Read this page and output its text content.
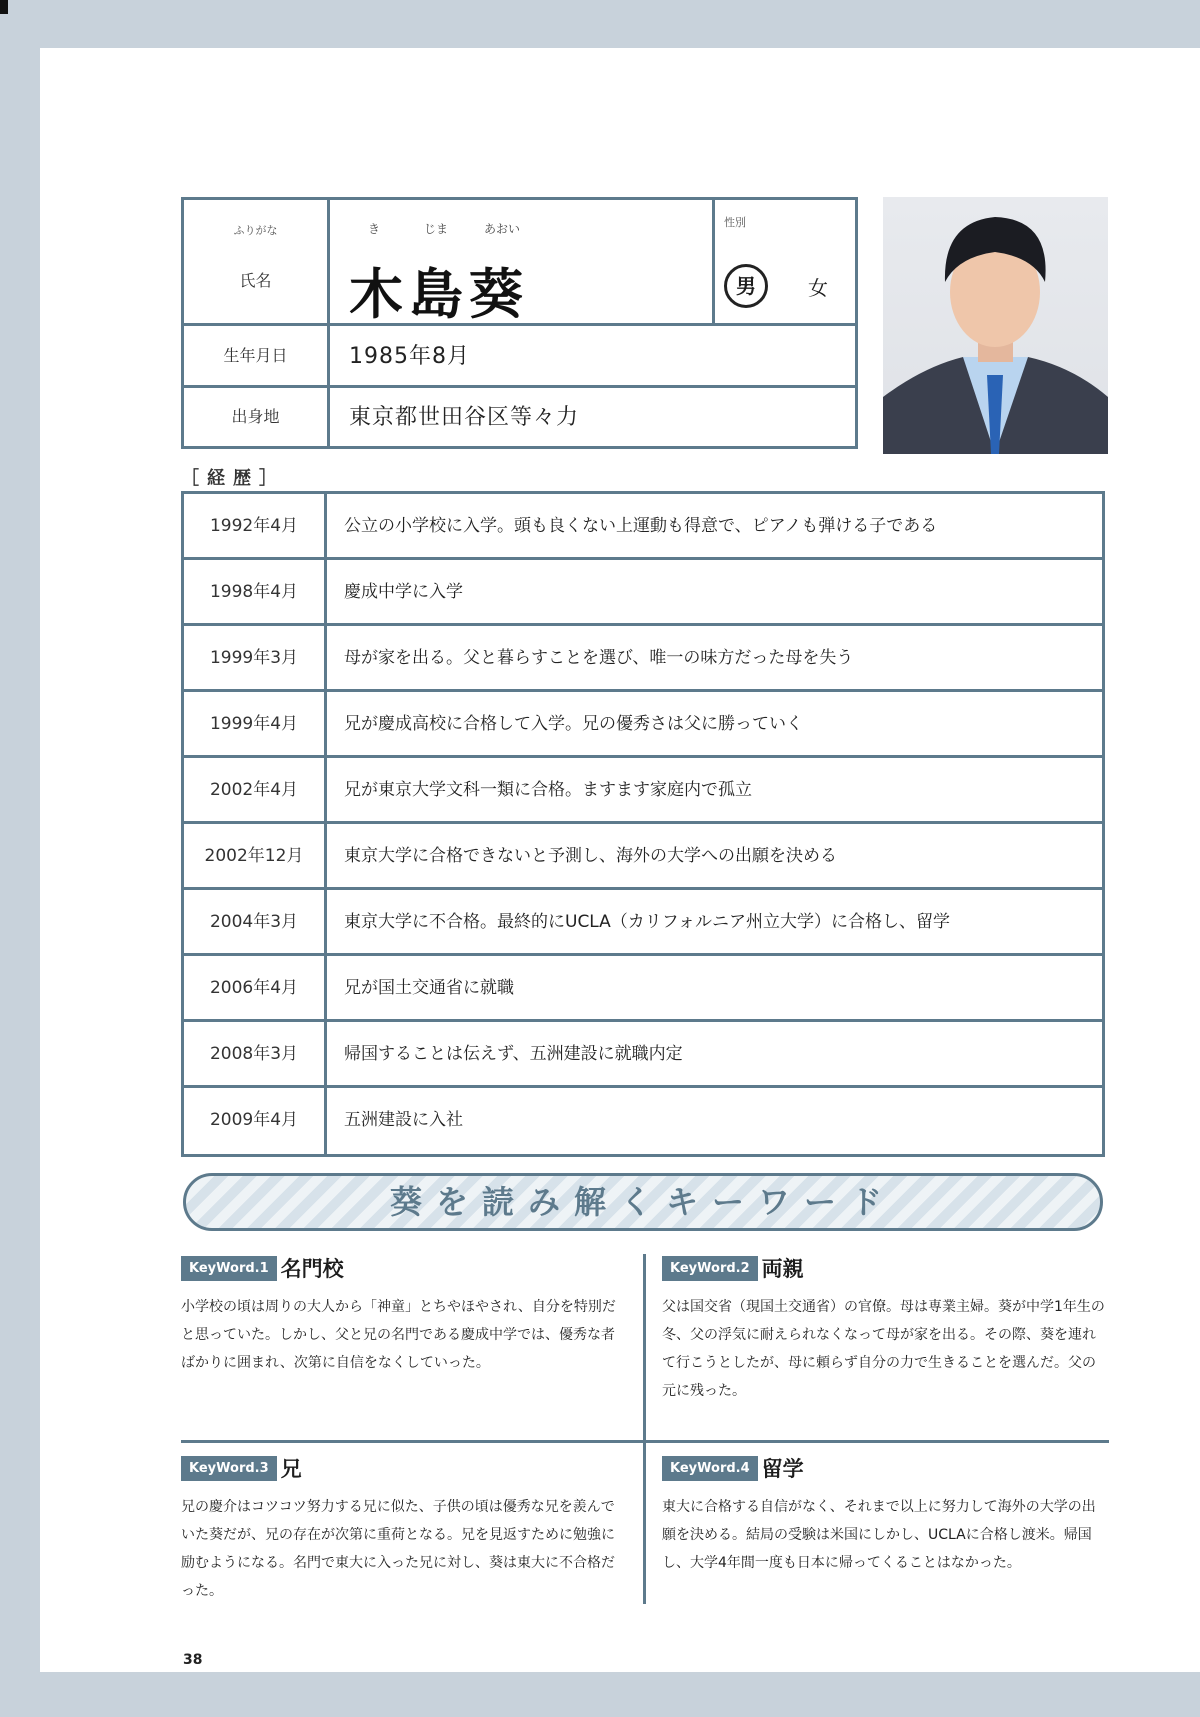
ふりがな
氏名
き	じま	あおい
木島葵
性別
男	女
生年月日	1985年8月
出身地	東京都世田谷区等々力
［経歴］
1992年4月	公立の小学校に入学。頭も良くない上運動も得意で、ピアノも弾ける子である
1998年4月	慶成中学に入学
1999年3月	母が家を出る。父と暮らすことを選び、唯一の味方だった母を失う
1999年4月	兄が慶成高校に合格して入学。兄の優秀さは父に勝っていく
2002年4月	兄が東京大学文科一類に合格。ますます家庭内で孤立
2002年12月	東京大学に合格できないと予測し、海外の大学への出願を決める
2004年3月	東京大学に不合格。最終的にUCLA（カリフォルニア州立大学）に合格し、留学
2006年4月	兄が国土交通省に就職
2008年3月	帰国することは伝えず、五洲建設に就職内定
2009年4月	五洲建設に入社
葵を読み解くキーワード
KeyWord.1 名門校
小学校の頃は周りの大人から「神童」とちやほやされ、自分を特別だと思っていた。しかし、父と兄の名門である慶成中学では、優秀な者ばかりに囲まれ、次第に自信をなくしていった。
KeyWord.2 両親
父は国交省（現国土交通省）の官僚。母は専業主婦。葵が中学1年生の冬、父の浮気に耐えられなくなって母が家を出る。その際、葵を連れて行こうとしたが、母に頼らず自分の力で生きることを選んだ。父の元に残った。
KeyWord.3 兄
兄の慶介はコツコツ努力する兄に似た、子供の頃は優秀な兄を羨んでいた葵だが、兄の存在が次第に重荷となる。兄を見返すために勉強に励むようになる。名門で東大に入った兄に対し、葵は東大に不合格だった。
KeyWord.4 留学
東大に合格する自信がなく、それまで以上に努力して海外の大学の出願を決める。結局の受験は米国にしかし、UCLAに合格し渡米。帰国し、大学4年間一度も日本に帰ってくることはなかった。
38
